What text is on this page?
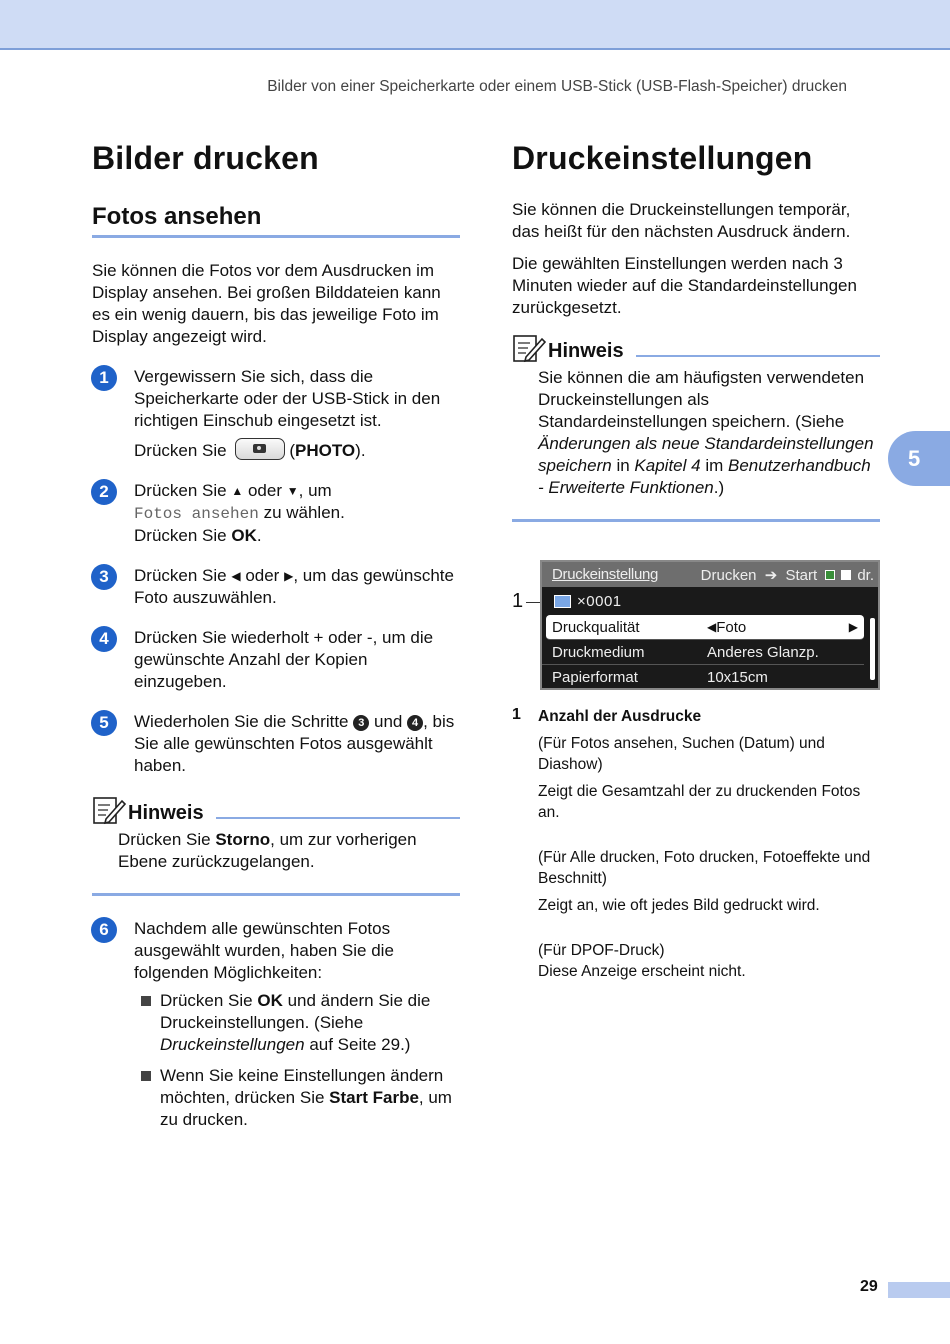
Bilder von einer Speicherkarte oder einem USB-Stick (USB-Flash-Speicher) drucken
Bilder drucken
Fotos ansehen

Sie können die Fotos vor dem Ausdrucken im Display ansehen. Bei großen Bilddateien kann es ein wenig dauern, bis das jeweilige Foto im Display angezeigt wird.

1	Vergewissern Sie sich, dass die Speicherkarte oder der USB-Stick in den richtigen Einschub eingesetzt ist.

Drücken Sie	(PHOTO).

2	Drücken Sie ▲ oder ▼, um
Fotos ansehen zu wählen.
Drücken Sie OK.

3	Drücken Sie ◀ oder ▶, um das gewünschte Foto auszuwählen.

4	Drücken Sie wiederholt + oder -, um die gewünschte Anzahl der Kopien einzugeben.

5	Wiederholen Sie die Schritte 3 und 4 , bis Sie alle gewünschten Fotos ausgewählt haben.

Hinweis

Drücken Sie Storno, um zur vorherigen Ebene zurückzugelangen.

6	Nachdem alle gewünschten Fotos ausgewählt wurden, haben Sie die folgenden Möglichkeiten:

Drücken Sie OK und ändern Sie die Druckeinstellungen. (Siehe Druckeinstellungen auf Seite 29.)
Wenn Sie keine Einstellungen ändern möchten, drücken Sie Start Farbe, um zu drucken.
Druckeinstellungen

Sie können die Druckeinstellungen temporär, das heißt für den nächsten Ausdruck ändern.

Die gewählten Einstellungen werden nach 3 Minuten wieder auf die Standardeinstellungen zurückgesetzt.

Hinweis

Sie können die am häufigsten verwendeten Druckeinstellungen als Standardeinstellungen speichern. (Siehe Änderungen als neue Standardeinstellungen speichern in Kapitel 4 im Benutzerhandbuch - Erweiterte Funktionen.)

1
Druckeinstellung	Drucken ➔ Start	dr.
×0001
Druckqualität	◀ Foto	▶
Druckmedium	Anderes Glanzp.
Papierformat	10x15cm
1 Anzahl der Ausdrucke

(Für Fotos ansehen, Suchen (Datum) und Diashow)

Zeigt die Gesamtzahl der zu druckenden Fotos an.

(Für Alle drucken, Foto drucken, Fotoeffekte und Beschnitt)

Zeigt an, wie oft jedes Bild gedruckt wird.

(Für DPOF-Druck)

Diese Anzeige erscheint nicht.

5
29
